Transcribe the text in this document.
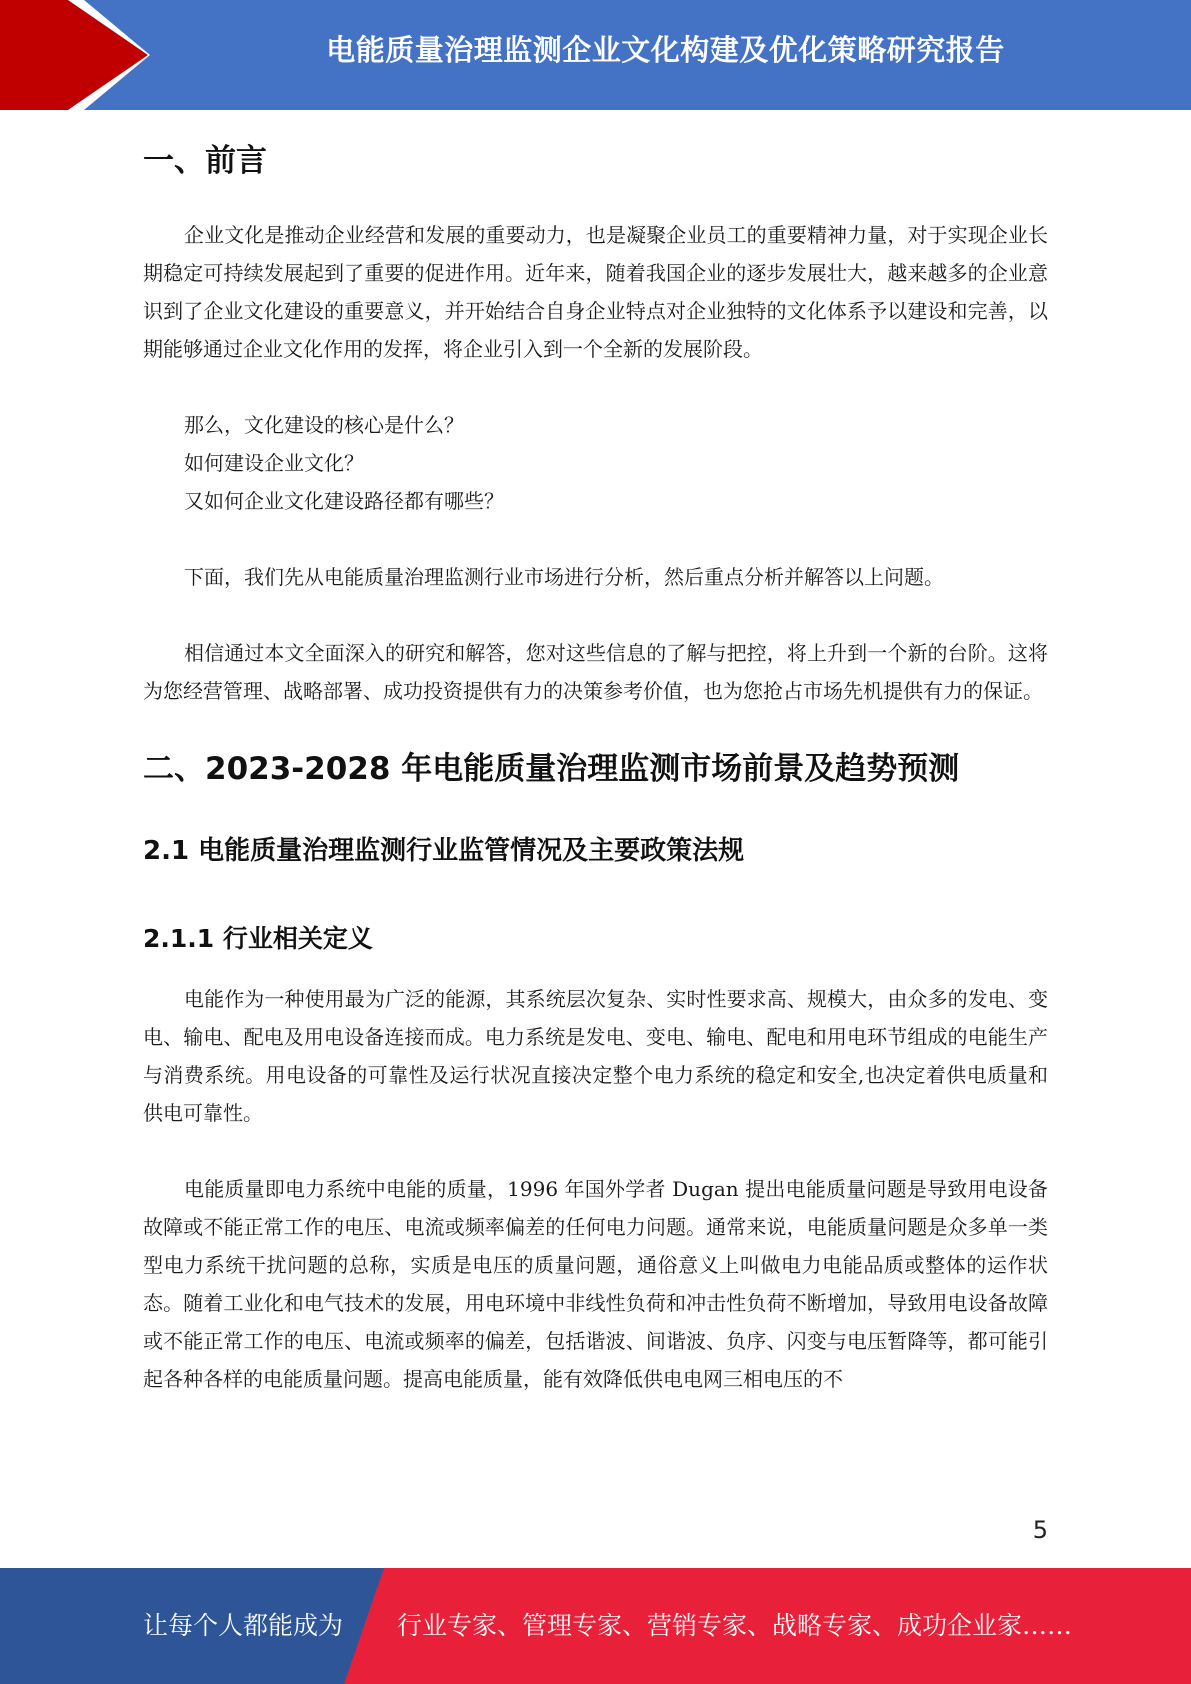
电能质量治理监测企业文化构建及优化策略研究报告
一、前言

企业文化是推动企业经营和发展的重要动力，也是凝聚企业员工的重要精神力量，对于实现企业长期稳定可持续发展起到了重要的促进作用。近年来，随着我国企业的逐步发展壮大，越来越多的企业意识到了企业文化建设的重要意义，并开始结合自身企业特点对企业独特的文化体系予以建设和完善，以期能够通过企业文化作用的发挥，将企业引入到一个全新的发展阶段。

那么，文化建设的核心是什么？
如何建设企业文化？
又如何企业文化建设路径都有哪些？

下面，我们先从电能质量治理监测行业市场进行分析，然后重点分析并解答以上问题。

相信通过本文全面深入的研究和解答，您对这些信息的了解与把控，将上升到一个新的台阶。这将为您经营管理、战略部署、成功投资提供有力的决策参考价值，也为您抢占市场先机提供有力的保证。

二、2023-2028 年电能质量治理监测市场前景及趋势预测
2.1 电能质量治理监测行业监管情况及主要政策法规
2.1.1 行业相关定义

电能作为一种使用最为广泛的能源，其系统层次复杂、实时性要求高、规模大，由众多的发电、变电、输电、配电及用电设备连接而成。电力系统是发电、变电、输电、配电和用电环节组成的电能生产与消费系统。用电设备的可靠性及运行状况直接决定整个电力系统的稳定和安全,也决定着供电质量和供电可靠性。

电能质量即电力系统中电能的质量，1996 年国外学者 Dugan 提出电能质量问题是导致用电设备故障或不能正常工作的电压、电流或频率偏差的任何电力问题。通常来说，电能质量问题是众多单一类型电力系统干扰问题的总称，实质是电压的质量问题，通俗意义上叫做电力电能品质或整体的运作状态。随着工业化和电气技术的发展，用电环境中非线性负荷和冲击性负荷不断增加，导致用电设备故障或不能正常工作的电压、电流或频率的偏差，包括谐波、间谐波、负序、闪变与电压暂降等，都可能引起各种各样的电能质量问题。提高电能质量，能有效降低供电电网三相电压的不

5
让每个人都能成为 行业专家、管理专家、营销专家、战略专家、成功企业家……
